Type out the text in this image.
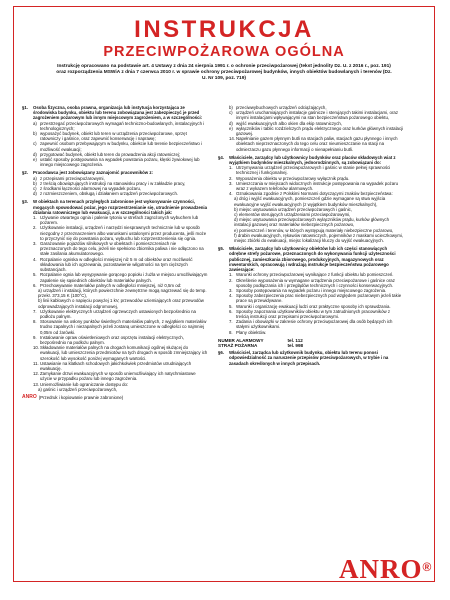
INSTRUKCJA
PRZECIWPOŻAROWA OGÓLNA
Instrukcję opracowano na podstawie art. 4 Ustawy z dnia 24 sierpnia 1991 r. o ochronie przeciwpożarowej (tekst jednolity Dz. U. z 2016 r., poz. 191) oraz rozporządzenia MSWiA z dnia 7 czerwca 2010 r. w sprawie ochrony przeciwpożarowej budynków, innych obiektów budowlanych i terenów (Dz. U. Nr 109, poz. 719)
§1.	Osoba fizyczna, osoba prawna, organizacja lub instytucja korzystająca ze środowiska budynku, obiektu lub terenu zobowiązana jest zabezpieczyć je przed zagrożeniem pożarowym lub innym miejscowym zagrożeniem, a w szczególności:
a) przestrzegać przeciwpożarowych wymagań techniczno-budowlanych, instalacyjnych i technologicznych;
b) wyposażyć budynek, obiekt lub teren w urządzenia przeciwpożarowe, sprzęt ratowniczy i gaśnice, oraz zapewnić konserwację i naprawę;
c) zapewnić osobom przebywającym w budynku, obiekcie lub terenie bezpieczeństwo i możliwość ewakuacji;
d) przygotować budynek, obiekt lub teren do prowadzenia akcji ratowniczej;
e) ustalić sposoby postępowania na wypadek powstania pożaru, klęski żywiołowej lub innego miejscowego zagrożenia.
§2.	Pracodawca jest zobowiązany zaznajomić pracowników z:
a) z przepisami przeciwpożarowymi,
b) z treścią obowiązujących instrukcji na stanowisku pracy i w zakładzie pracy,
c) z środkami łączności alarmowej na wypadek pożaru,
d) z rozmieszczeniem, obsługą i działaniem urządzeń przeciwpożarowych.
§3.	W obiektach na terenach przyległych zabronione jest wykonywanie czynności, mogących spowodować pożar, jego rozprzestrzenianie się, utrudnienie prowadzenia działania ratowniczego lub ewakuacji, a w szczególności takich jak:
1. Używanie otwartego ognia i palenie tytoniu w strefach zagrożonych wybuchem lub pożarem.
2. Użytkowanie instalacji, urządzeń i narzędzi niesprawnych technicznie lub w sposób niezgodny z przeznaczeniem albo warunkami ustalonymi przez producenta, jeśli może to przyczynić się do powstania pożaru, wybuchu lub rozprzestrzenienia się ognia.
3. Garażowanie pojazdów silnikowych w obiektach i pomieszczeniach nie przeznaczonych do tego celu, jeżeli nie spełniono zbiornika paliwa i nie odłączono na stałe zasilania akumulatorowego.
4. Rozpalanie ogniska w odległości mniejszej niż 5 m od obiektów oraz możliwość składowania lub ich ogrzewania, pozostawienie wilgotności na tym cięższych substancjach.
5. Rozpalanie ognia lub wysypywanie gorącego popiołu i żużla w miejscu umożliwiającym zapalenie się sąsiednich obiektów lub materiałów palnych.
6. Przechowywanie materiałów palnych w odległości mniejszej, niż 0,5m od:
a) urządzeń i instalacji, których powierzchnie zewnętrzne mogą nagrzewać się do temp. przekr. 373,15 K (100°C),
b) linii kablowych o napięciu powyżej 1 kV, przewodów uziemiających oraz przewodów odprowadzających instalacji odgromowej,
7. Użytkowanie elektrycznych urządzeń ogrzewczych ustawionych bezpośrednio na podłożu palnym.
8. Stosowanie na osłony punktów świetlnych materiałów palnych, z wyjątkiem materiałów trudno zapalnych i niezapalnych jeżeli zostaną umieszczone w odległości co najmniej 0,05m od żarówki.
9. Instalowanie opraw oświetleniowych oraz osprzętu instalacji elektrycznych, bezpośrednio na podłożu palnym.
10. Składowanie materiałów palnych na drogach komunikacji ogólnej służącej do ewakuacji, lub umieszczenia przedmiotów na tych drogach w sposób zmniejszający ich szerokość lub wysokość poniżej wymaganych wartości.
11. Ustawianie na klatkach schodowych jakichkolwiek przedmiotów utrudniających ewakuację.
12. Zamykanie drzwi ewakuacyjnych w sposób uniemożliwiający ich natychmiastowe użycie w przypadku pożaru lub innego zagrożenia.
13. Uniemożliwianie lub ograniczanie dostępu do:
a) gaśnic i urządzeń przeciwpożarowych,
ANRO (Przedruk i kopiowanie prawnie zabronione)
b) przeciwwybuchowych urządzeń odciążających,
c) urządzeń uruchamiających instalacje gaśnicze i sterujących takimi instalacjami, oraz innymi instalacjami wpływającymi na stan bezpieczeństwa pożarowego obiektu,
d) wyjść ewakuacyjnych albo okien dla ekip ratowniczych,
e) wyłączników i tablic rozdzielczych prądu elektrycznego oraz kurków głównych instalacji gazowej.
14. Napełnianie gazem płynnym butli na stacjach paliw, stacjach gazu płynnego i innych obiektach nieprzeznaczonych do tego celu oraz nieumieszczanie na stacji na odmierzaczu gazu płynnego informacji o nienapełnianiu butli.
§4.	Właściciele, zarządcy lub użytkownicy budynków oraz placów składowych wiat z wyjątkiem budynków mieszkalnych, jednorodzinnych, są zobowiązani do:
1. Utrzymywania urządzeń przeciwpożarowych i gaśnic w stanie pełnej sprawności technicznej i funkcjonalnej.
2. Wyposażenia obiektu w przeciwpożarowy wyłącznik prądu.
3. Umieszczania w miejscach widocznych instrukcje postępowania na wypadek pożaru wraz z wykazem telefonów alarmowych.
4. Oznakowania zgodnie z Polskimi Normami dotyczącymi znaków bezpieczeństwa:
a) dróg i wyjść ewakuacyjnych, pomieszczeń gdzie wymagane są stwa wyjścia ewakuacyjne wyjść ewakuacyjnych (z wyjątkiem budynków mieszkalnych),
b) miejsc usytuowania urządzeń przeciwpożarowych i gaśnic,
c) elementów sterujących urządzeniami przeciwpożarowymi,
d) miejsc usytuowania przeciwpożarowych wyłączników prądu, kurków głównych instalacji gazowej oraz materiałów niebezpiecznych pożarowo,
e) pomieszczeń i terenów, w których występują materiały niebezpieczne pożarowo,
f) drabin ewakuacyjnych, rękawów ratowniczych, pojemników z maskami ucieczkowymi, miejsc zbiórki do ewakuacji, miejsc lokalizacji kluczy do wyjść ewakuacyjnych.
§5.	Właściciele, zarządcy lub użytkownicy obiektów lub ich części stanowiących odrębne strefy pożarowe, przeznaczonych do wykonywania funkcji użyteczności publicznej, zamieszkania zbiorowego, produkcyjnych, magazynowych oraz inwentarskich, opracowują i wdrażają instrukcje bezpieczeństwa pożarowego zawierające:
1. Warunki ochrony przeciwpożarowej wynikające z funkcji obiektu lub pomieszczeń.
2. Określenie wyposażenia w wymagane urządzenia przeciwpożarowe i gaśnice oraz sposoby podłączania ich i przeglądów technicznych i czynności konserwacyjnych.
3. Sposoby postępowania na wypadek pożaru i innego miejscowego zagrożenia.
4. Sposoby zabezpieczenia prac niebezpiecznych pod względem pożarowym jeżeli takie prace są przewidywane.
5. Warunki i organizację ewakuacji ludzi oraz praktyczne sposoby ich sprawdzania.
6. Sposoby zapoznania użytkowników obiektu w tym zatrudnionych pracowników z treścią instrukcji oraz przepisami przeciwpożarowymi.
7. Zadania i obowiązki w zakresie ochrony przeciwpożarowej dla osób będących ich stałymi użytkownikami.
8. Plany obiektów.
NUMER ALARMOWY	tel. 112
STRAŻ POŻARNA	tel. 998
§6.	Właściciel, zarządca lub użytkownik budynku, obiektu lub terenu ponosi odpowiedzialność za naruszenie przepisów przeciwpożarowych, w trybie i na zasadach określonych w innych przepisach.
ANRO®
